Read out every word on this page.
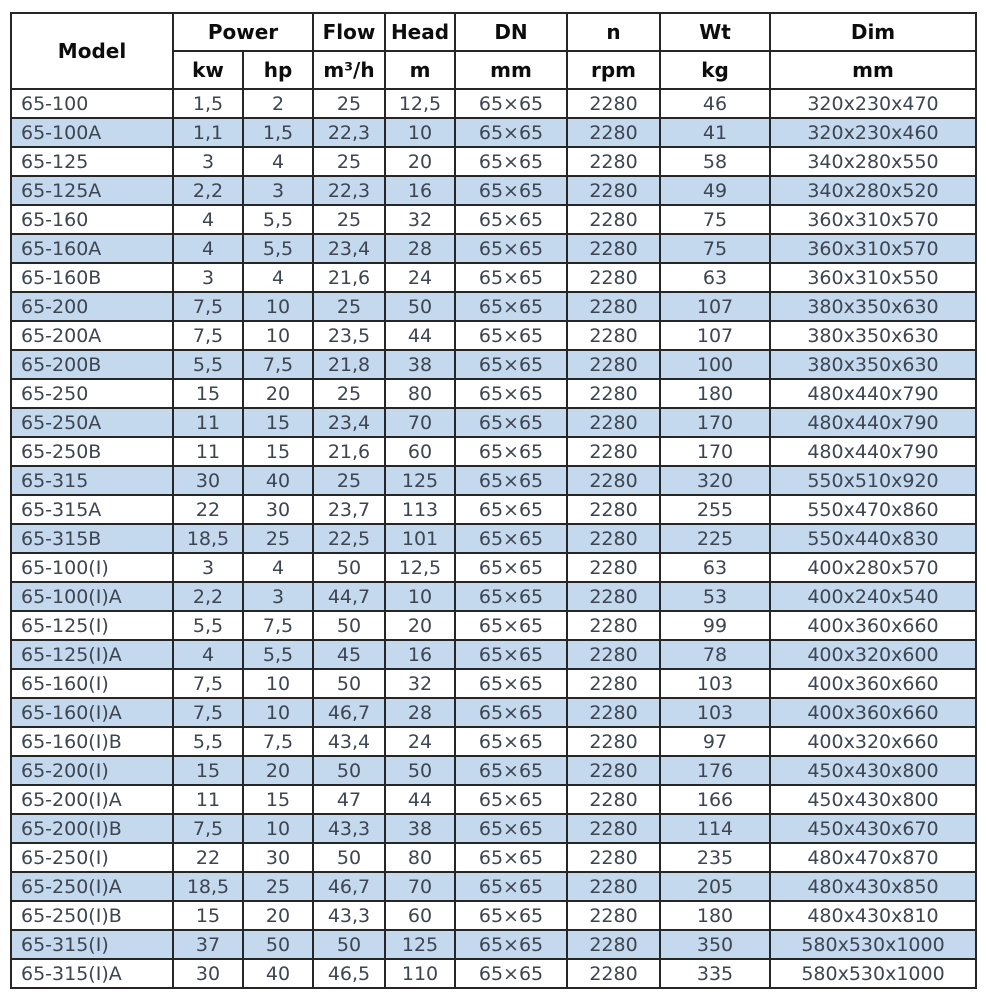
Model	Power		Flow	Head	DN	n	Wt	Dim
	kw	hp	m³/h	m	mm	rpm	kg	mm
65-100	1,5	2	25	12,5	65×65	2280	46	320x230x470
65-100A	1,1	1,5	22,3	10	65×65	2280	41	320x230x460
65-125	3	4	25	20	65×65	2280	58	340x280x550
65-125A	2,2	3	22,3	16	65×65	2280	49	340x280x520
65-160	4	5,5	25	32	65×65	2280	75	360x310x570
65-160A	4	5,5	23,4	28	65×65	2280	75	360x310x570
65-160B	3	4	21,6	24	65×65	2280	63	360x310x550
65-200	7,5	10	25	50	65×65	2280	107	380x350x630
65-200A	7,5	10	23,5	44	65×65	2280	107	380x350x630
65-200B	5,5	7,5	21,8	38	65×65	2280	100	380x350x630
65-250	15	20	25	80	65×65	2280	180	480x440x790
65-250A	11	15	23,4	70	65×65	2280	170	480x440x790
65-250B	11	15	21,6	60	65×65	2280	170	480x440x790
65-315	30	40	25	125	65×65	2280	320	550x510x920
65-315A	22	30	23,7	113	65×65	2280	255	550x470x860
65-315B	18,5	25	22,5	101	65×65	2280	225	550x440x830
65-100(I)	3	4	50	12,5	65×65	2280	63	400x280x570
65-100(I)A	2,2	3	44,7	10	65×65	2280	53	400x240x540
65-125(I)	5,5	7,5	50	20	65×65	2280	99	400x360x660
65-125(I)A	4	5,5	45	16	65×65	2280	78	400x320x600
65-160(I)	7,5	10	50	32	65×65	2280	103	400x360x660
65-160(I)A	7,5	10	46,7	28	65×65	2280	103	400x360x660
65-160(I)B	5,5	7,5	43,4	24	65×65	2280	97	400x320x660
65-200(I)	15	20	50	50	65×65	2280	176	450x430x800
65-200(I)A	11	15	47	44	65×65	2280	166	450x430x800
65-200(I)B	7,5	10	43,3	38	65×65	2280	114	450x430x670
65-250(I)	22	30	50	80	65×65	2280	235	480x470x870
65-250(I)A	18,5	25	46,7	70	65×65	2280	205	480x430x850
65-250(I)B	15	20	43,3	60	65×65	2280	180	480x430x810
65-315(I)	37	50	50	125	65×65	2280	350	580x530x1000
65-315(I)A	30	40	46,5	110	65×65	2280	335	580x530x1000
